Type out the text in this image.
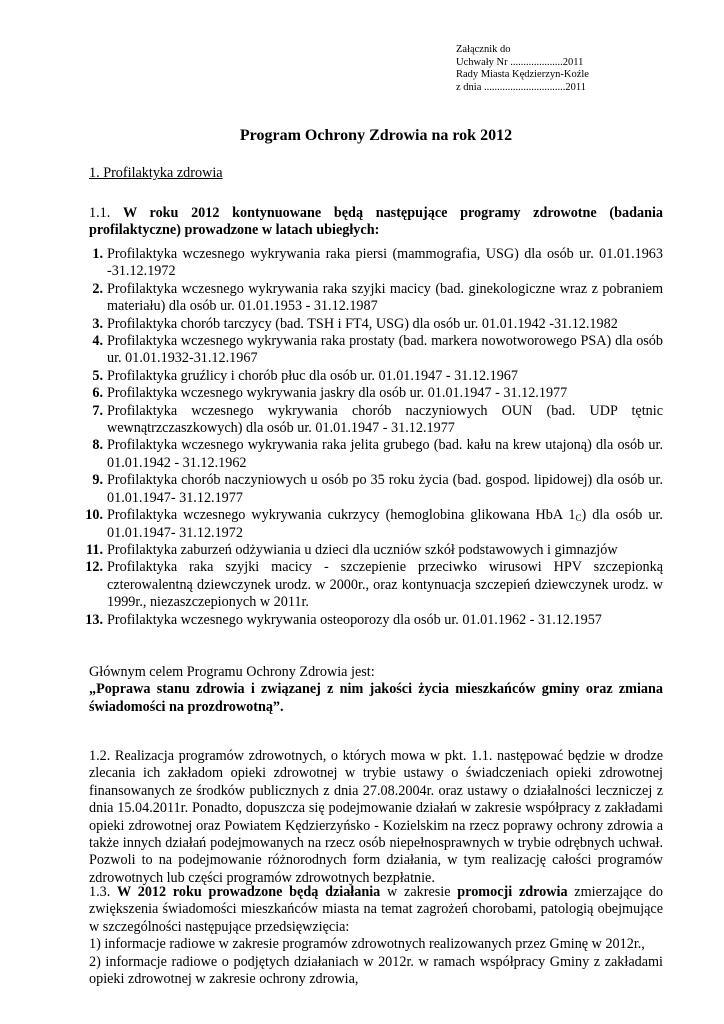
Załącznik do
Uchwały Nr ....................2011
Rady Miasta Kędzierzyn-Koźle
z dnia ...............................2011
Program Ochrony Zdrowia na rok 2012
1. Profilaktyka zdrowia
1.1. W roku 2012 kontynuowane będą następujące programy zdrowotne (badania profilaktyczne) prowadzone w latach ubiegłych:
1. Profilaktyka wczesnego wykrywania raka piersi (mammografia, USG) dla osób ur. 01.01.1963 -31.12.1972
2. Profilaktyka wczesnego wykrywania raka szyjki macicy (bad. ginekologiczne wraz z pobraniem materiału) dla osób ur. 01.01.1953 - 31.12.1987
3. Profilaktyka chorób tarczycy (bad. TSH i FT4, USG) dla osób ur. 01.01.1942 -31.12.1982
4. Profilaktyka wczesnego wykrywania raka prostaty (bad. markera nowotworowego PSA) dla osób ur. 01.01.1932-31.12.1967
5. Profilaktyka gruźlicy i chorób płuc dla osób ur. 01.01.1947 - 31.12.1967
6. Profilaktyka wczesnego wykrywania jaskry dla osób ur. 01.01.1947 - 31.12.1977
7. Profilaktyka wczesnego wykrywania chorób naczyniowych OUN (bad. UDP tętnic wewnątrzczaszkowych) dla osób ur. 01.01.1947 - 31.12.1977
8. Profilaktyka wczesnego wykrywania raka jelita grubego (bad. kału na krew utajoną) dla osób ur. 01.01.1942 - 31.12.1962
9. Profilaktyka chorób naczyniowych u osób po 35 roku życia (bad. gospod. lipidowej) dla osób ur. 01.01.1947- 31.12.1977
10. Profilaktyka wczesnego wykrywania cukrzycy (hemoglobina glikowana HbA $1_C$) dla osób ur. 01.01.1947- 31.12.1972
11. Profilaktyka zaburzeń odżywiania u dzieci dla uczniów szkół podstawowych i gimnazjów
12. Profilaktyka raka szyjki macicy - szczepienie przeciwko wirusowi HPV szczepionką czterowalentną dziewczynek urodz. w 2000r., oraz kontynuacja szczepień dziewczynek urodz. w 1999r., niezaszczepionych w 2011r.
13. Profilaktyka wczesnego wykrywania osteoporozy dla osób ur. 01.01.1962 - 31.12.1957
Głównym celem Programu Ochrony Zdrowia jest:
„Poprawa stanu zdrowia i związanej z nim jakości życia mieszkańców gminy oraz zmiana świadomości na prozdrowotną”.
1.2. Realizacja programów zdrowotnych, o których mowa w pkt. 1.1. następować będzie w drodze zlecania ich zakładom opieki zdrowotnej w trybie ustawy o świadczeniach opieki zdrowotnej finansowanych ze środków publicznych z dnia 27.08.2004r. oraz ustawy o działalności leczniczej z dnia 15.04.2011r. Ponadto, dopuszcza się podejmowanie działań w zakresie współpracy z zakładami opieki zdrowotnej oraz Powiatem Kędzierzyńsko - Kozielskim na rzecz poprawy ochrony zdrowia a także innych działań podejmowanych na rzecz osób niepełnosprawnych w trybie odrębnych uchwał. Pozwoli to na podejmowanie różnorodnych form działania, w tym realizację całości programów zdrowotnych lub części programów zdrowotnych bezpłatnie.
1.3. W 2012 roku prowadzone będą działania w zakresie promocji zdrowia zmierzające do zwiększenia świadomości mieszkańców miasta na temat zagrożeń chorobami, patologią obejmujące w szczególności następujące przedsięwzięcia:
1) informacje radiowe w zakresie programów zdrowotnych realizowanych przez Gminę w 2012r.,
2) informacje radiowe o podjętych działaniach w 2012r. w ramach współpracy Gminy z zakładami opieki zdrowotnej w zakresie ochrony zdrowia,
